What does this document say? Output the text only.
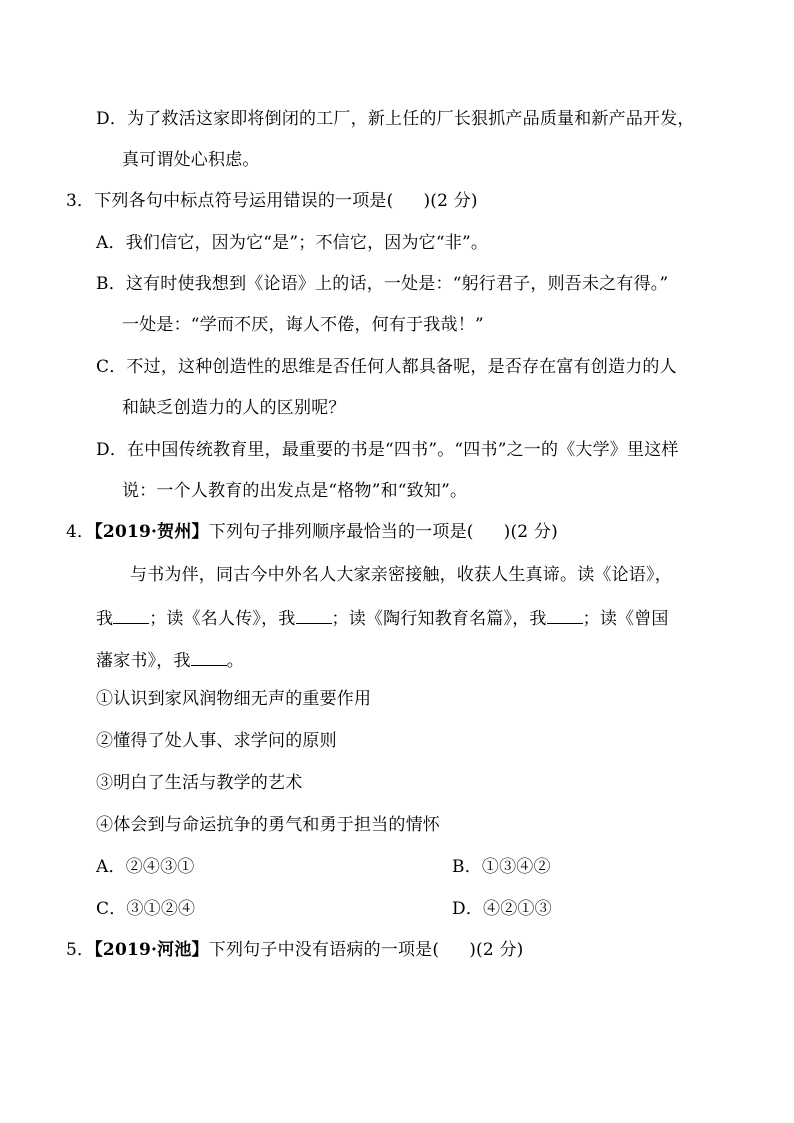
D．为了救活这家即将倒闭的工厂，新上任的厂长狠抓产品质量和新产品开发，
真可谓处心积虑。
3．下列各句中标点符号运用错误的一项是( )(2 分)
A．我们信它，因为它“是”；不信它，因为它“非”。
B．这有时使我想到《论语》上的话，一处是：“躬行君子，则吾未之有得。”
一处是：“学而不厌，诲人不倦，何有于我哉！”
C．不过，这种创造性的思维是否任何人都具备呢，是否存在富有创造力的人
和缺乏创造力的人的区别呢？
D．在中国传统教育里，最重要的书是“四书”。“四书”之一的《大学》里这样
说：一个人教育的出发点是“格物”和“致知”。
4．【2019·贺州】下列句子排列顺序最恰当的一项是( )(2 分)
与书为伴，同古今中外名人大家亲密接触，收获人生真谛。读《论语》，
我 ；读《名人传》，我 ；读《陶行知教育名篇》，我 ；读《曾国
藩家书》，我 。
①认识到家风润物细无声的重要作用
②懂得了处人事、求学问的原则
③明白了生活与教学的艺术
④体会到与命运抗争的勇气和勇于担当的情怀
A．②④③①	B．①③④②
C．③①②④	D．④②①③
5．【2019·河池】下列句子中没有语病的一项是( )(2 分)
